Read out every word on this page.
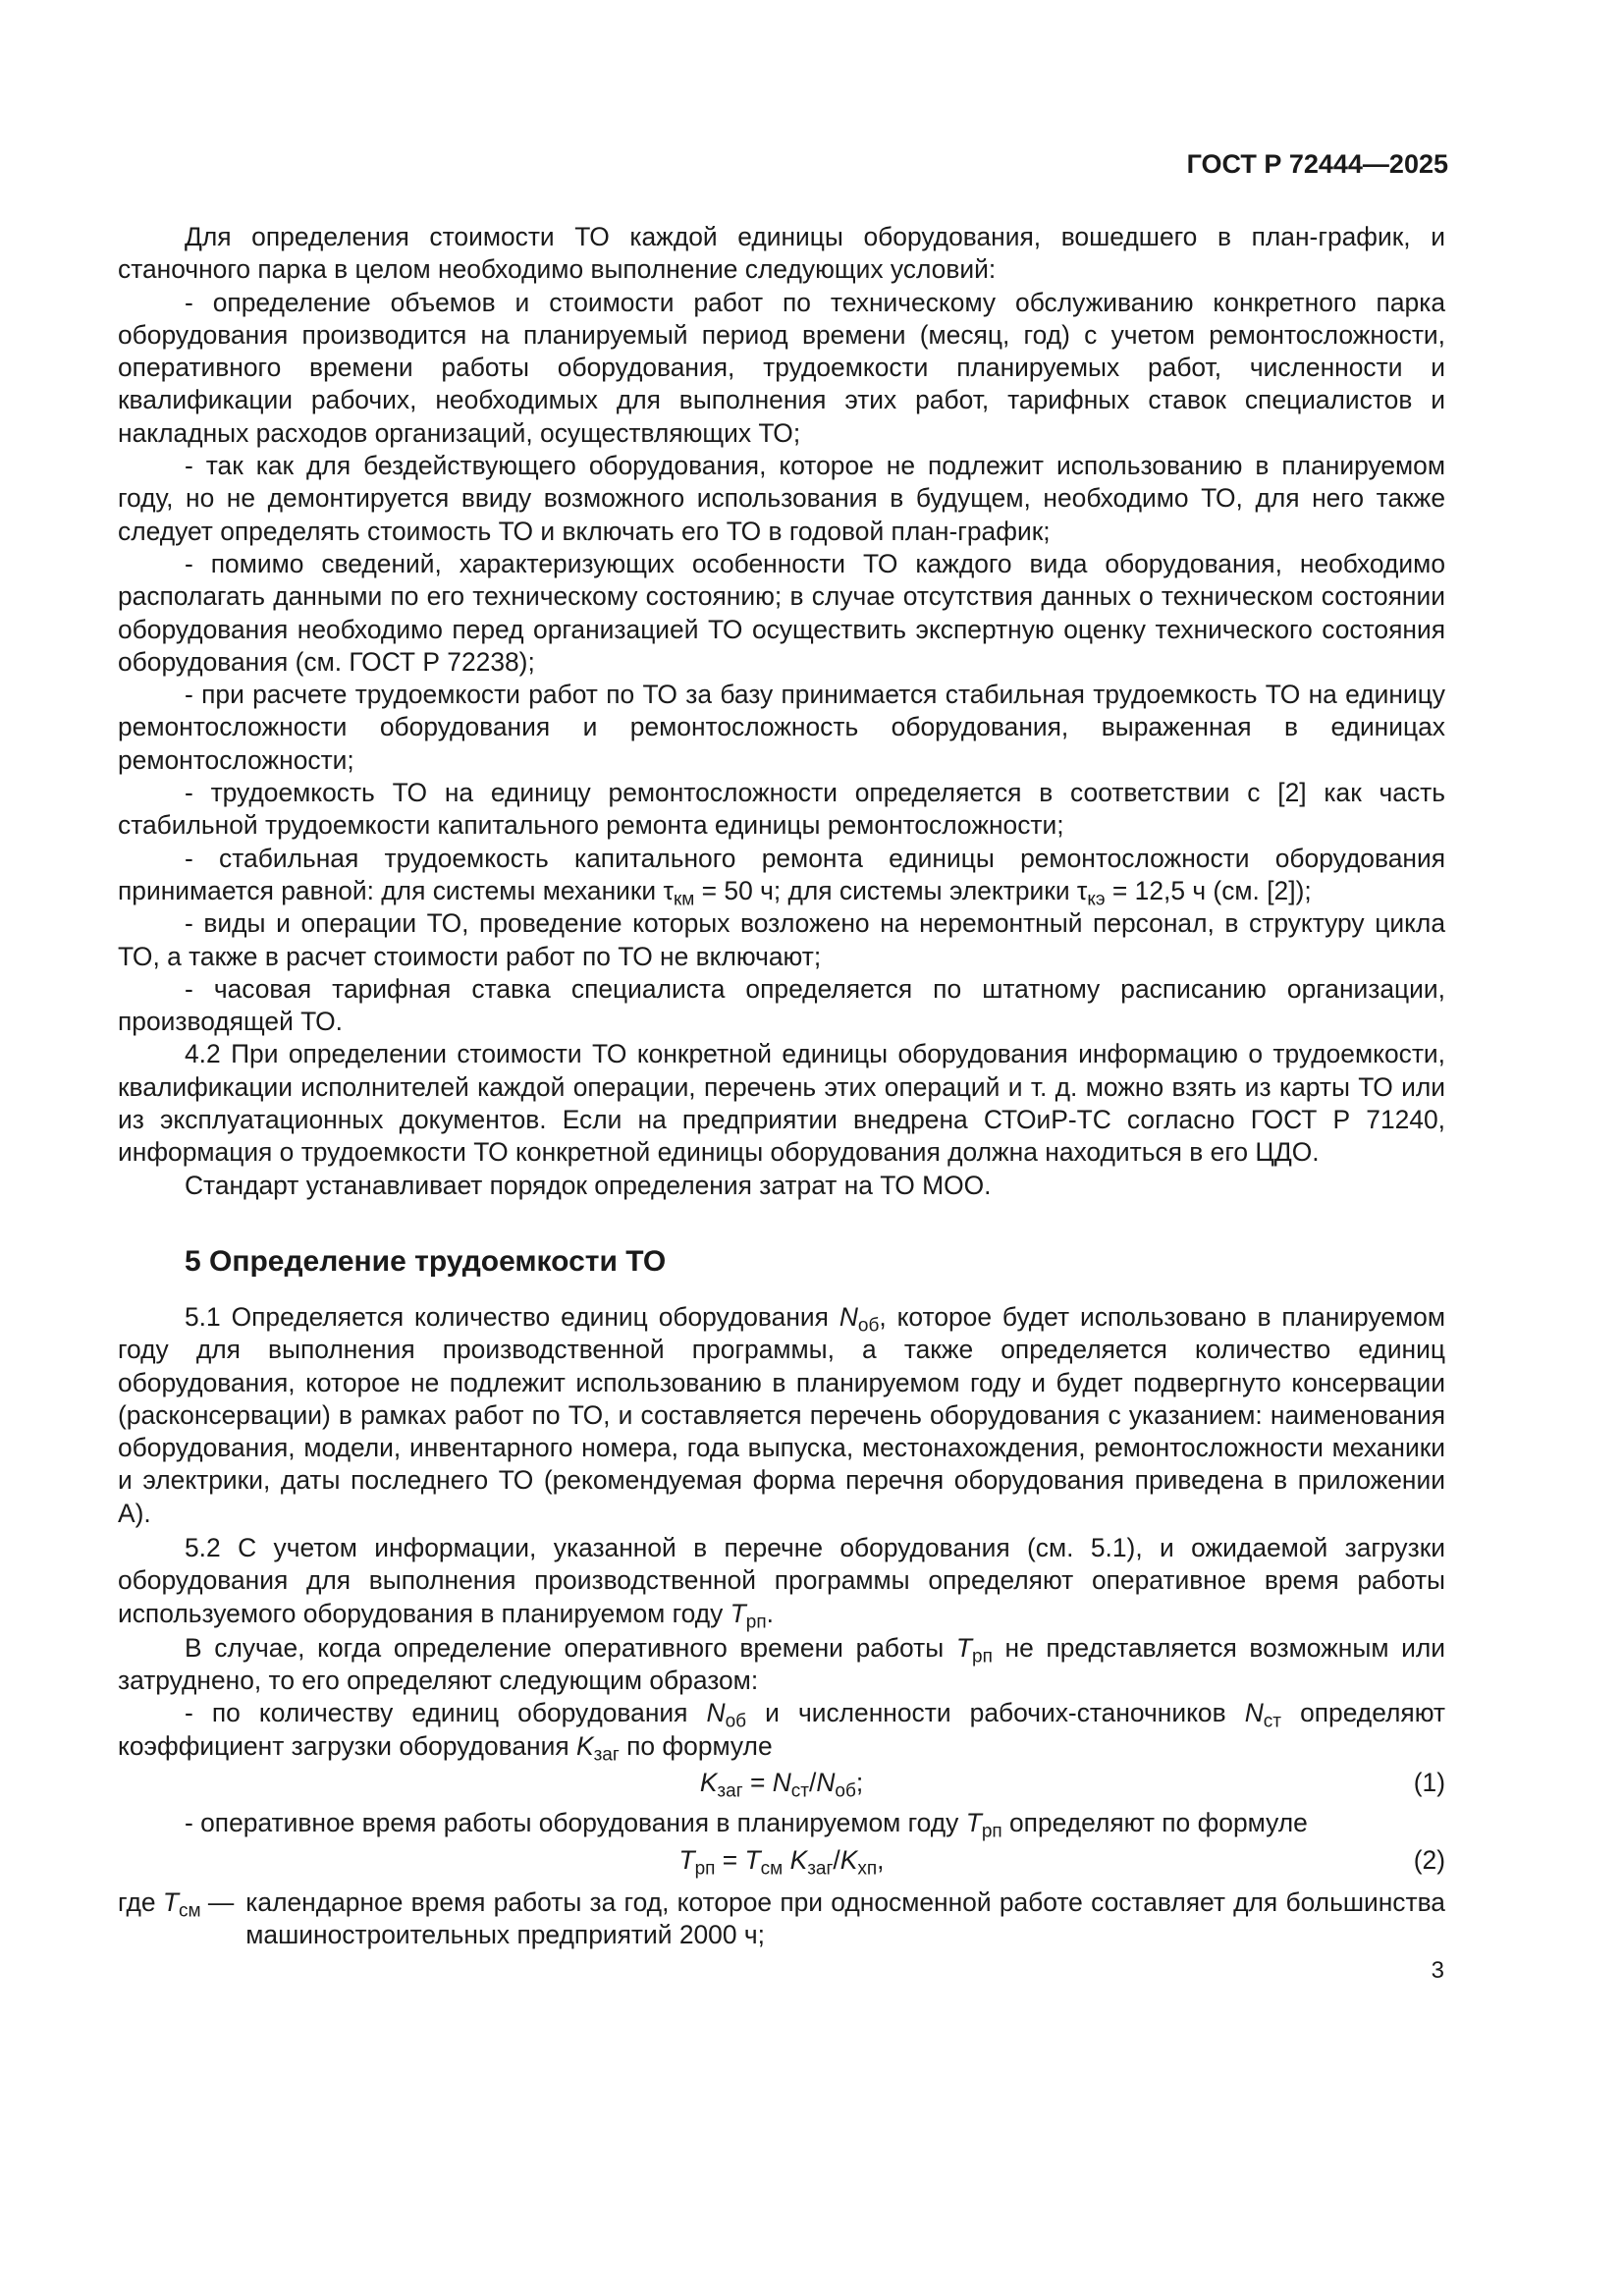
ГОСТ Р 72444—2025

Для определения стоимости ТО каждой единицы оборудования, вошедшего в план-график, и станочного парка в целом необходимо выполнение следующих условий:

- определение объемов и стоимости работ по техническому обслуживанию конкретного парка оборудования производится на планируемый период времени (месяц, год) с учетом ремонтосложности, оперативного времени работы оборудования, трудоемкости планируемых работ, численности и квалификации рабочих, необходимых для выполнения этих работ, тарифных ставок специалистов и накладных расходов организаций, осуществляющих ТО;

- так как для бездействующего оборудования, которое не подлежит использованию в планируемом году, но не демонтируется ввиду возможного использования в будущем, необходимо ТО, для него также следует определять стоимость ТО и включать его ТО в годовой план-график;

- помимо сведений, характеризующих особенности ТО каждого вида оборудования, необходимо располагать данными по его техническому состоянию; в случае отсутствия данных о техническом состоянии оборудования необходимо перед организацией ТО осуществить экспертную оценку технического состояния оборудования (см. ГОСТ Р 72238);

- при расчете трудоемкости работ по ТО за базу принимается стабильная трудоемкость ТО на единицу ремонтосложности оборудования и ремонтосложность оборудования, выраженная в единицах ремонтосложности;

- трудоемкость ТО на единицу ремонтосложности определяется в соответствии с [2] как часть стабильной трудоемкости капитального ремонта единицы ремонтосложности;

- стабильная трудоемкость капитального ремонта единицы ремонтосложности оборудования принимается равной: для системы механики $\tau_{км} = 50$ ч; для системы электрики $\tau_{кэ} = 12,5$ ч (см. [2]);

- виды и операции ТО, проведение которых возложено на неремонтный персонал, в структуру цикла ТО, а также в расчет стоимости работ по ТО не включают;

- часовая тарифная ставка специалиста определяется по штатному расписанию организации, производящей ТО.

4.2 При определении стоимости ТО конкретной единицы оборудования информацию о трудоемкости, квалификации исполнителей каждой операции, перечень этих операций и т. д. можно взять из карты ТО или из эксплуатационных документов. Если на предприятии внедрена СТОиР-ТС согласно ГОСТ Р 71240, информация о трудоемкости ТО конкретной единицы оборудования должна находиться в его ЦДО.

Стандарт устанавливает порядок определения затрат на ТО МОО.

5 Определение трудоемкости ТО

5.1 Определяется количество единиц оборудования $N_{об}$, которое будет использовано в планируемом году для выполнения производственной программы, а также определяется количество единиц оборудования, которое не подлежит использованию в планируемом году и будет подвергнуто консервации (расконсервации) в рамках работ по ТО, и составляется перечень оборудования с указанием: наименования оборудования, модели, инвентарного номера, года выпуска, местонахождения, ремонтосложности механики и электрики, даты последнего ТО (рекомендуемая форма перечня оборудования приведена в приложении А).

5.2 С учетом информации, указанной в перечне оборудования (см. 5.1), и ожидаемой загрузки оборудования для выполнения производственной программы определяют оперативное время работы используемого оборудования в планируемом году $T_{рп}$.

В случае, когда определение оперативного времени работы $T_{рп}$ не представляется возможным или затруднено, то его определяют следующим образом:

- по количеству единиц оборудования $N_{об}$ и численности рабочих-станочников $N_{ст}$ определяют коэффициент загрузки оборудования $K_{заг}$ по формуле

$K_{заг} = N_{ст}/N_{об}$;	(1)

- оперативное время работы оборудования в планируемом году $T_{рп}$ определяют по формуле

$T_{рп} = T_{см}$ $K_{заг}/K_{хп}$,	(2)
где $T_{см}$ — календарное время работы за год, которое при односменной работе составляет для большинства машиностроительных предприятий 2000 ч;
3
